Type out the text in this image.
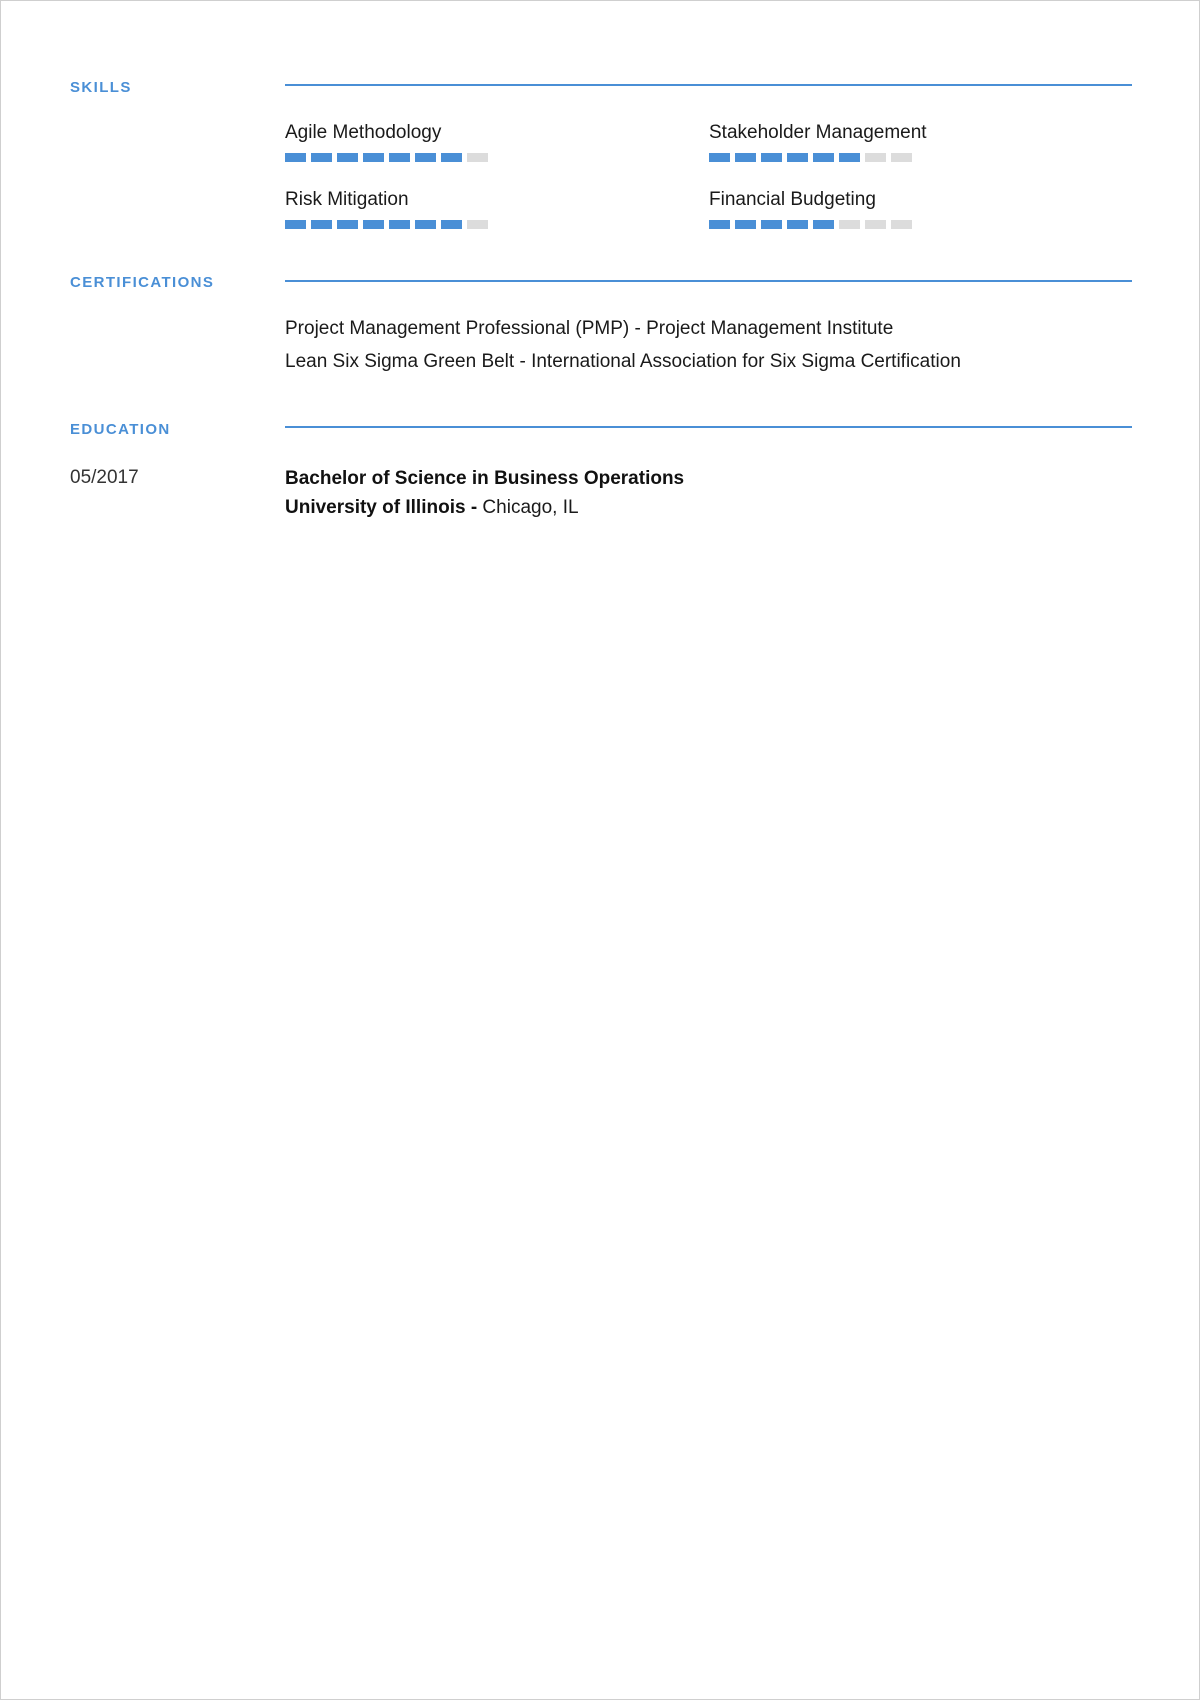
SKILLS
Agile Methodology	Stakeholder Management
Risk Mitigation	Financial Budgeting
CERTIFICATIONS
Project Management Professional (PMP) - Project Management Institute
Lean Six Sigma Green Belt - International Association for Six Sigma Certification
EDUCATION
05/2017	Bachelor of Science in Business Operations
University of Illinois - Chicago, IL
